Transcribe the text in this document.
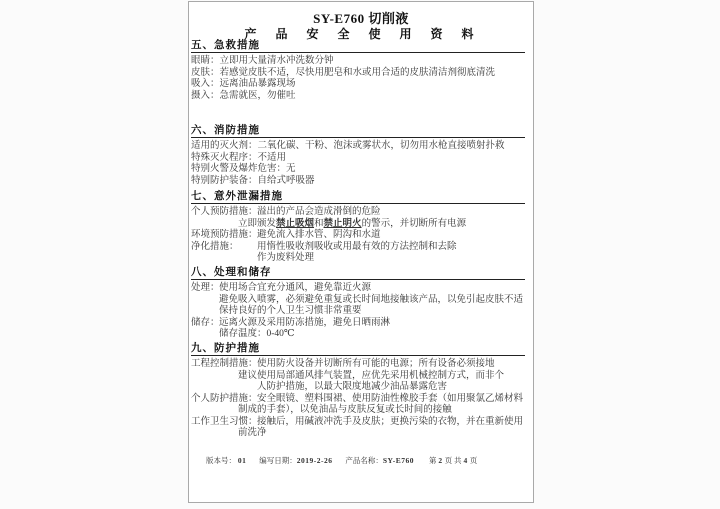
SY-E760 切削液
产 品 安 全 使 用 资 料
五、急救措施
眼睛：立即用大量清水冲洗数分钟
皮肤：若感觉皮肤不适，尽快用肥皂和水或用合适的皮肤清洁剂彻底清洗
吸入：远离油品暴露现场
摄入：急需就医，勿催吐
六、消防措施
适用的灭火剂：二氧化碳、干粉、泡沫或雾状水，切勿用水枪直接喷射扑救
特殊灭火程序：不适用
特别火警及爆炸危害：无
特别防护装备：自给式呼吸器
七、意外泄漏措施
个人预防措施：溢出的产品会造成滑倒的危险
立即颁发禁止吸烟和禁止明火的警示，并切断所有电源
环境预防措施：避免流入排水管、阴沟和水道
净化措施： 用惰性吸收剂吸收或用最有效的方法控制和去除
作为废料处理
八、处理和储存
处理：使用场合宜充分通风，避免靠近火源
避免吸入喷雾，必须避免重复或长时间地接触该产品，以免引起皮肤不适
保持良好的个人卫生习惯非常重要
储存：远离火源及采用防冻措施，避免日晒雨淋
储存温度：0-40℃
九、防护措施
工程控制措施：使用防火设备并切断所有可能的电源；所有设备必须接地
建议使用局部通风排气装置，应优先采用机械控制方式，而非个
人防护措施，以最大限度地减少油品暴露危害
个人防护措施：安全眼镜、塑料围裙、使用防油性橡胶手套（如用聚氯乙烯材料
制成的手套），以免油品与皮肤反复或长时间的接触
工作卫生习惯：接触后，用碱液冲洗手及皮肤；更换污染的衣物，并在重新使用
前洗净
版本号： 01 编写日期：2019-2-26 产品名称：SY-E760 第 2 页 共 4 页
